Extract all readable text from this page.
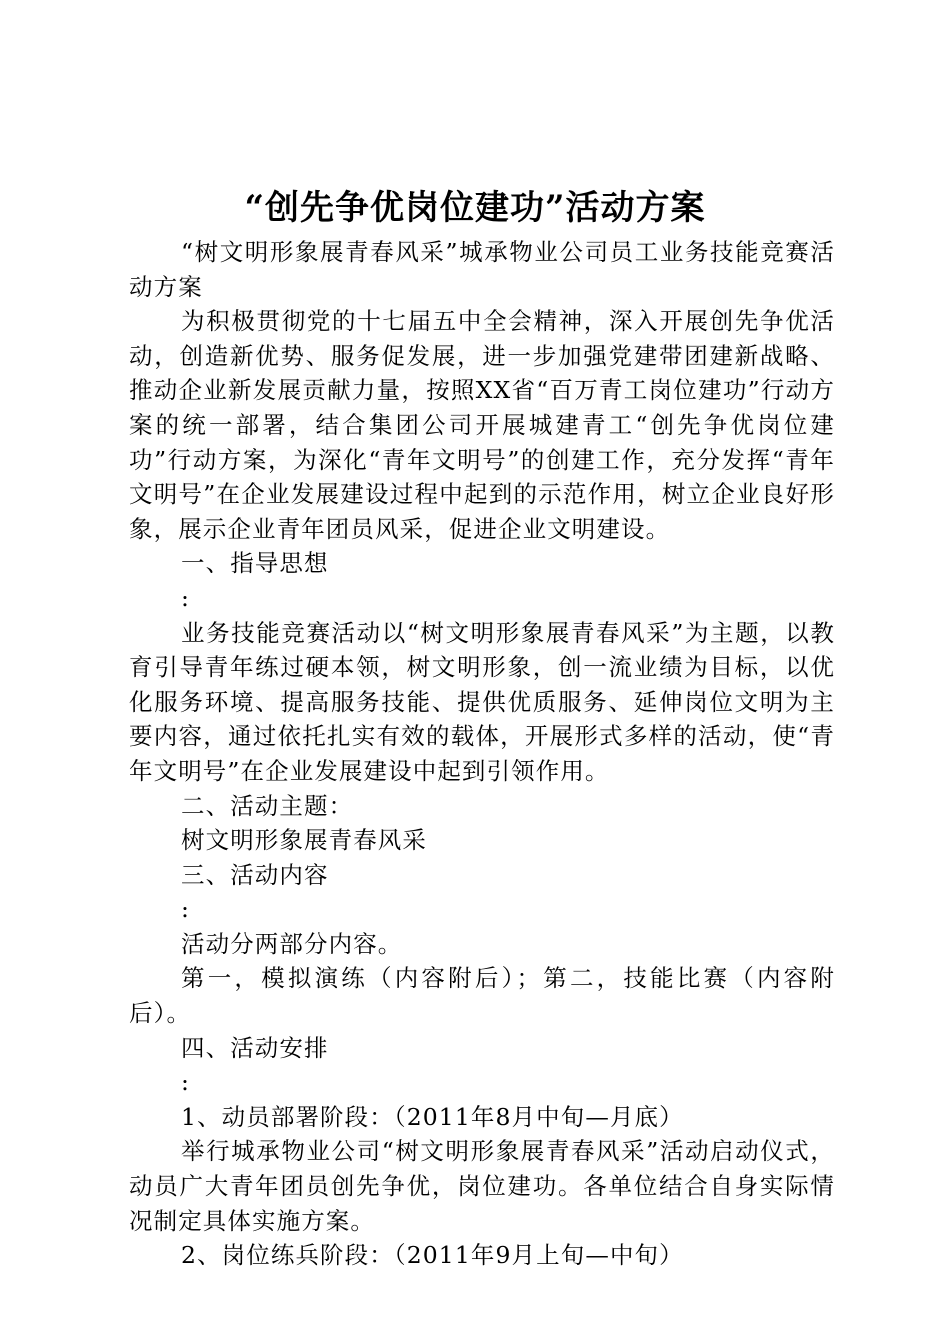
“创先争优岗位建功”活动方案

“树文明形象展青春风采”城承物业公司员工业务技能竞赛活动方案

为积极贯彻党的十七届五中全会精神，深入开展创先争优活动，创造新优势、服务促发展，进一步加强党建带团建新战略、推动企业新发展贡献力量，按照XX省“百万青工岗位建功”行动方案的统一部署，结合集团公司开展城建青工“创先争优岗位建功”行动方案，为深化“青年文明号”的创建工作，充分发挥“青年文明号”在企业发展建设过程中起到的示范作用，树立企业良好形象，展示企业青年团员风采，促进企业文明建设。

一、指导思想

:

业务技能竞赛活动以“树文明形象展青春风采”为主题，以教育引导青年练过硬本领，树文明形象，创一流业绩为目标，以优化服务环境、提高服务技能、提供优质服务、延伸岗位文明为主要内容，通过依托扎实有效的载体，开展形式多样的活动，使“青年文明号”在企业发展建设中起到引领作用。

二、活动主题：

树文明形象展青春风采

三、活动内容

:

活动分两部分内容。

第一，模拟演练（内容附后）；第二，技能比赛（内容附后）。

四、活动安排

:

1、动员部署阶段：（2011年8月中旬—月底）

举行城承物业公司“树文明形象展青春风采”活动启动仪式，动员广大青年团员创先争优，岗位建功。各单位结合自身实际情况制定具体实施方案。

2、岗位练兵阶段：（2011年9月上旬—中旬）
